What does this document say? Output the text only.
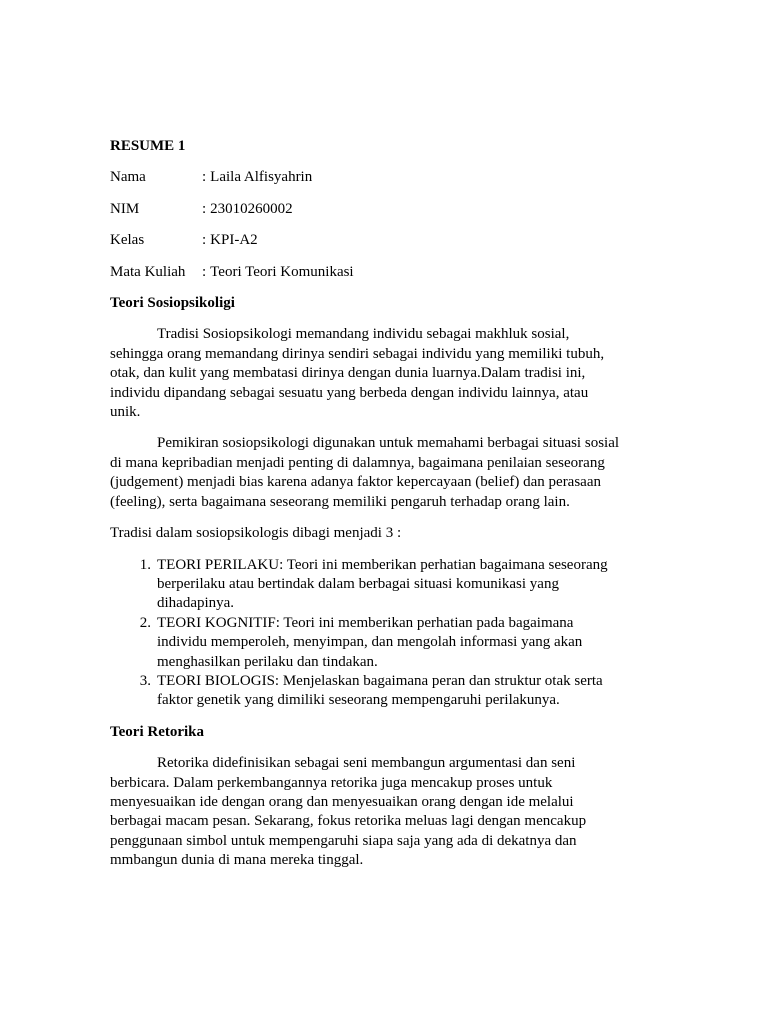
RESUME 1
Nama	: Laila Alfisyahrin
NIM	: 23010260002
Kelas	: KPI-A2
Mata Kuliah	: Teori Teori Komunikasi
Teori Sosiopsikoligi

Tradisi Sosiopsikologi memandang individu sebagai makhluk sosial, sehingga orang memandang dirinya sendiri sebagai individu yang memiliki tubuh, otak, dan kulit yang membatasi dirinya dengan dunia luarnya.Dalam tradisi ini, individu dipandang sebagai sesuatu yang berbeda dengan individu lainnya, atau unik.

Pemikiran sosiopsikologi digunakan untuk memahami berbagai situasi sosial di mana kepribadian menjadi penting di dalamnya, bagaimana penilaian seseorang (judgement) menjadi bias karena adanya faktor kepercayaan (belief) dan perasaan (feeling), serta bagaimana seseorang memiliki pengaruh terhadap orang lain.

Tradisi dalam sosiopsikologis dibagi menjadi 3 :

1. TEORI PERILAKU: Teori ini memberikan perhatian bagaimana seseorang berperilaku atau bertindak dalam berbagai situasi komunikasi yang dihadapinya.
2. TEORI KOGNITIF: Teori ini memberikan perhatian pada bagaimana individu memperoleh, menyimpan, dan mengolah informasi yang akan menghasilkan perilaku dan tindakan.
3. TEORI BIOLOGIS: Menjelaskan bagaimana peran dan struktur otak serta faktor genetik yang dimiliki seseorang mempengaruhi perilakunya.
Teori Retorika

Retorika didefinisikan sebagai seni membangun argumentasi dan seni berbicara. Dalam perkembangannya retorika juga mencakup proses untuk menyesuaikan ide dengan orang dan menyesuaikan orang dengan ide melalui berbagai macam pesan. Sekarang, fokus retorika meluas lagi dengan mencakup penggunaan simbol untuk mempengaruhi siapa saja yang ada di dekatnya dan mmbangun dunia di mana mereka tinggal.
